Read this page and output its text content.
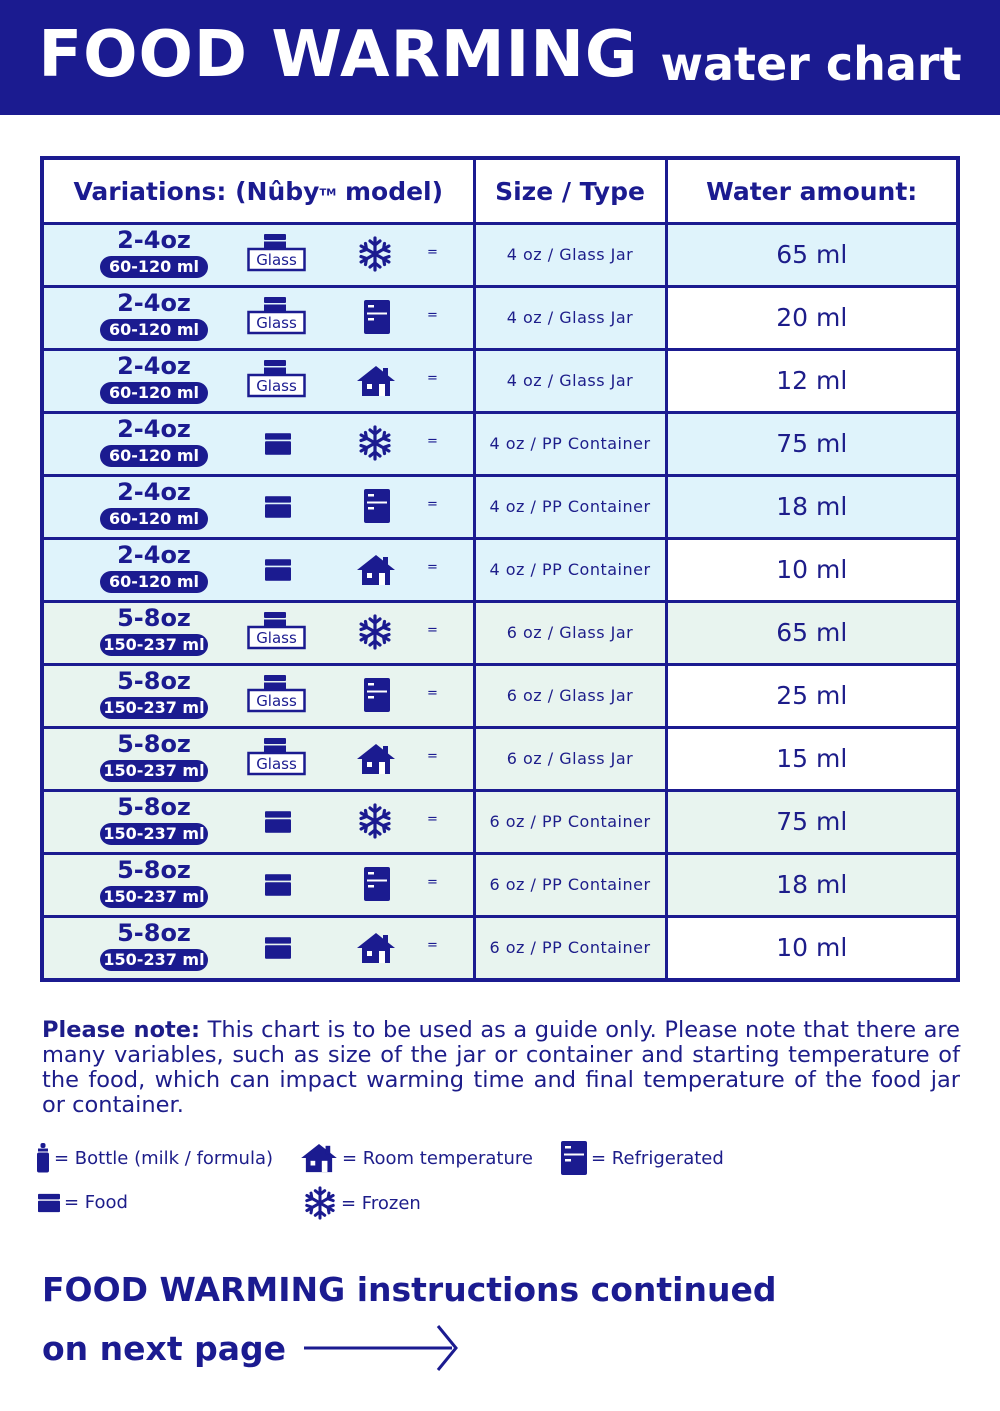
FOOD WARMING water chart
Variations: (NûbyTM model)	Size / Type	Water amount:

2-4oz
60-120 ml Glass =	4 oz / Glass Jar	65 ml

2-4oz
60-120 ml Glass =	4 oz / Glass Jar	20 ml

2-4oz
60-120 ml Glass =	4 oz / Glass Jar	12 ml

2-4oz
60-120 ml
=	4 oz / PP Container	75 ml

2-4oz
60-120 ml
=	4 oz / PP Container	18 ml

2-4oz
60-120 ml
=	4 oz / PP Container	10 ml

5-8oz
150-237 ml Glass =	6 oz / Glass Jar	65 ml

5-8oz
150-237 ml Glass =	6 oz / Glass Jar	25 ml

5-8oz
150-237 ml Glass =	6 oz / Glass Jar	15 ml

5-8oz
150-237 ml
=	6 oz / PP Container	75 ml

5-8oz
150-237 ml
=	6 oz / PP Container	18 ml

5-8oz
150-237 ml
=	6 oz / PP Container	10 ml
Please note: This chart is to be used as a guide only. Please note that there are many variables, such as size of the jar or container and starting temperature of the food, which can impact warming time and final temperature of the food jar or container.
= Bottle (milk / formula)	= Room temperature	= Refrigerated
= Food	= Frozen
FOOD WARMING instructions continued
on next page
